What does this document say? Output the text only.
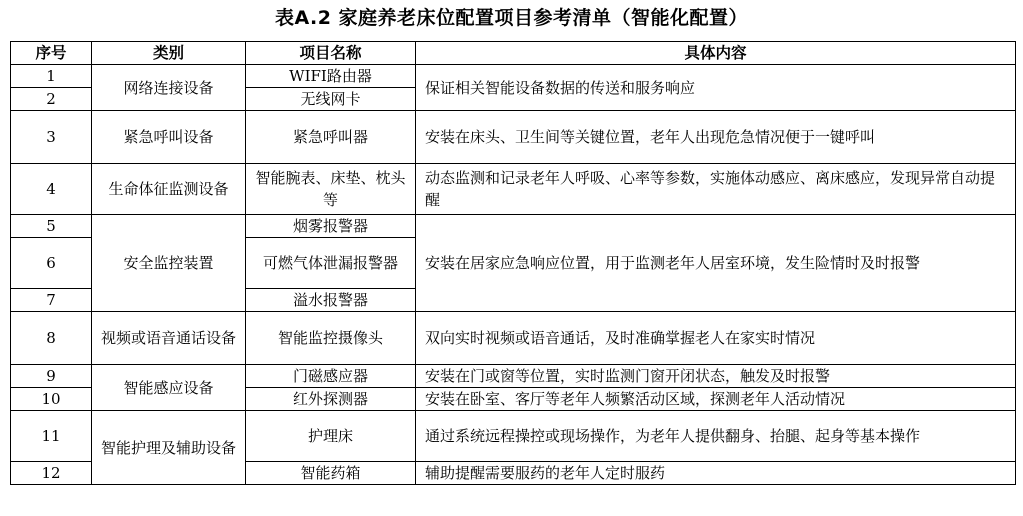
表A.2 家庭养老床位配置项目参考清单（智能化配置）
序号	类别	项目名称	具体内容
1	网络连接设备	WIFI路由器	保证相关智能设备数据的传送和服务响应
2		无线网卡	
3	紧急呼叫设备	紧急呼叫器	安装在床头、卫生间等关键位置，老年人出现危急情况便于一键呼叫
4	生命体征监测设备	智能腕表、床垫、枕头等	动态监测和记录老年人呼吸、心率等参数，实施体动感应、离床感应，发现异常自动提醒
5	安全监控装置	烟雾报警器	安装在居家应急响应位置，用于监测老年人居室环境，发生险情时及时报警
6		可燃气体泄漏报警器	
7		溢水报警器	
8	视频或语音通话设备	智能监控摄像头	双向实时视频或语音通话，及时准确掌握老人在家实时情况
9	智能感应设备	门磁感应器	安装在门或窗等位置，实时监测门窗开闭状态，触发及时报警
10		红外探测器	安装在卧室、客厅等老年人频繁活动区域，探测老年人活动情况
11	智能护理及辅助设备	护理床	通过系统远程操控或现场操作，为老年人提供翻身、抬腿、起身等基本操作
12		智能药箱	辅助提醒需要服药的老年人定时服药
